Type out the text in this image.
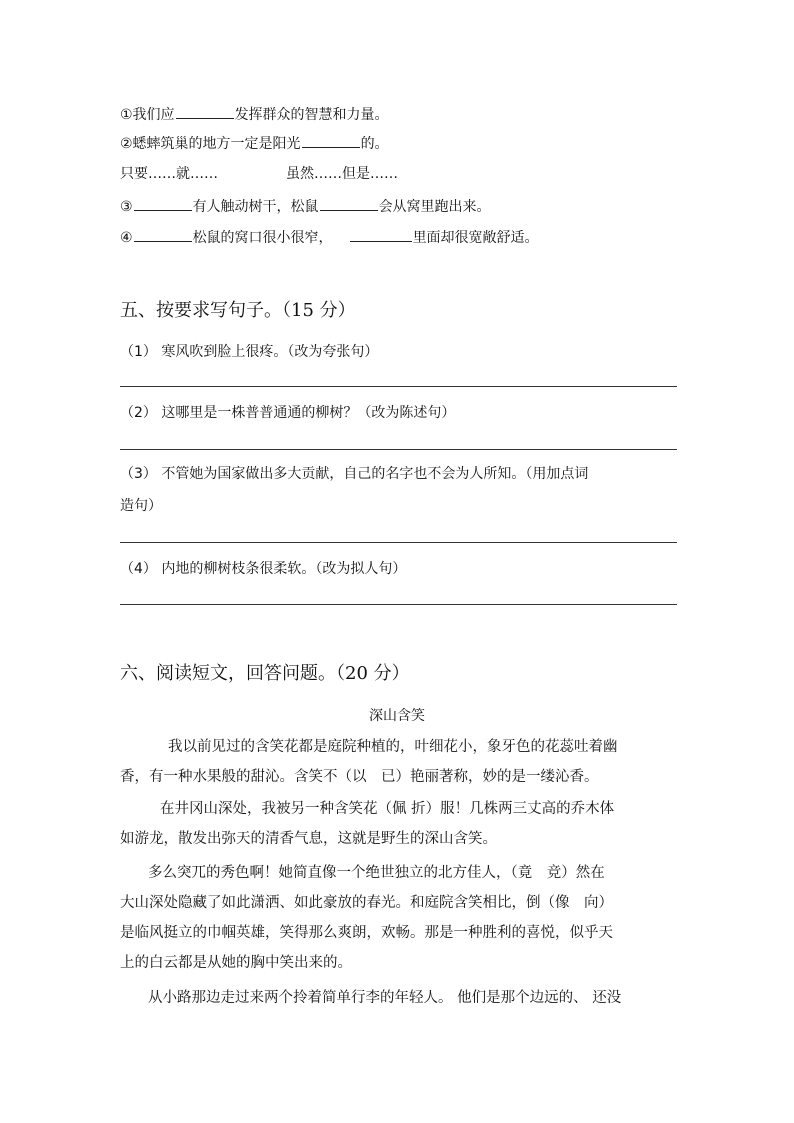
①我们应	发挥群众的智慧和力量。
②蟋蟀筑巢的地方一定是阳光	的。
只要……就……	虽然……但是……
③	有人触动树干，松鼠	会从窝里跑出来。
④	松鼠的窝口很小很窄，	里面却很宽敞舒适。
五、按要求写句子。（15 分）
（1） 寒风吹到脸上很疼。（改为夸张句）
（2） 这哪里是一株普普通通的柳树？（改为陈述句）
（3） 不管她为国家做出多大贡献，自己的名字也不会为人所知。（用加点词
造句）
（4） 内地的柳树枝条很柔软。（改为拟人句）
六、阅读短文，回答问题。（20 分）
深山含笑
我以前见过的含笑花都是庭院种植的，叶细花小，象牙色的花蕊吐着幽
香，有一种水果般的甜沁。含笑不（以　已）艳丽著称，妙的是一缕沁香。
在井冈山深处，我被另一种含笑花（佩 折）服！几株两三丈高的乔木体
如游龙，散发出弥天的清香气息，这就是野生的深山含笑。
多么突兀的秀色啊！她简直像一个绝世独立的北方佳人，（竟　竞）然在
大山深处隐藏了如此潇洒、如此豪放的春光。和庭院含笑相比，倒（像　向）
是临风挺立的巾帼英雄，笑得那么爽朗，欢畅。那是一种胜利的喜悦，似乎天
上的白云都是从她的胸中笑出来的。
从小路那边走过来两个拎着简单行李的年轻人。 他们是那个边远的、 还没
